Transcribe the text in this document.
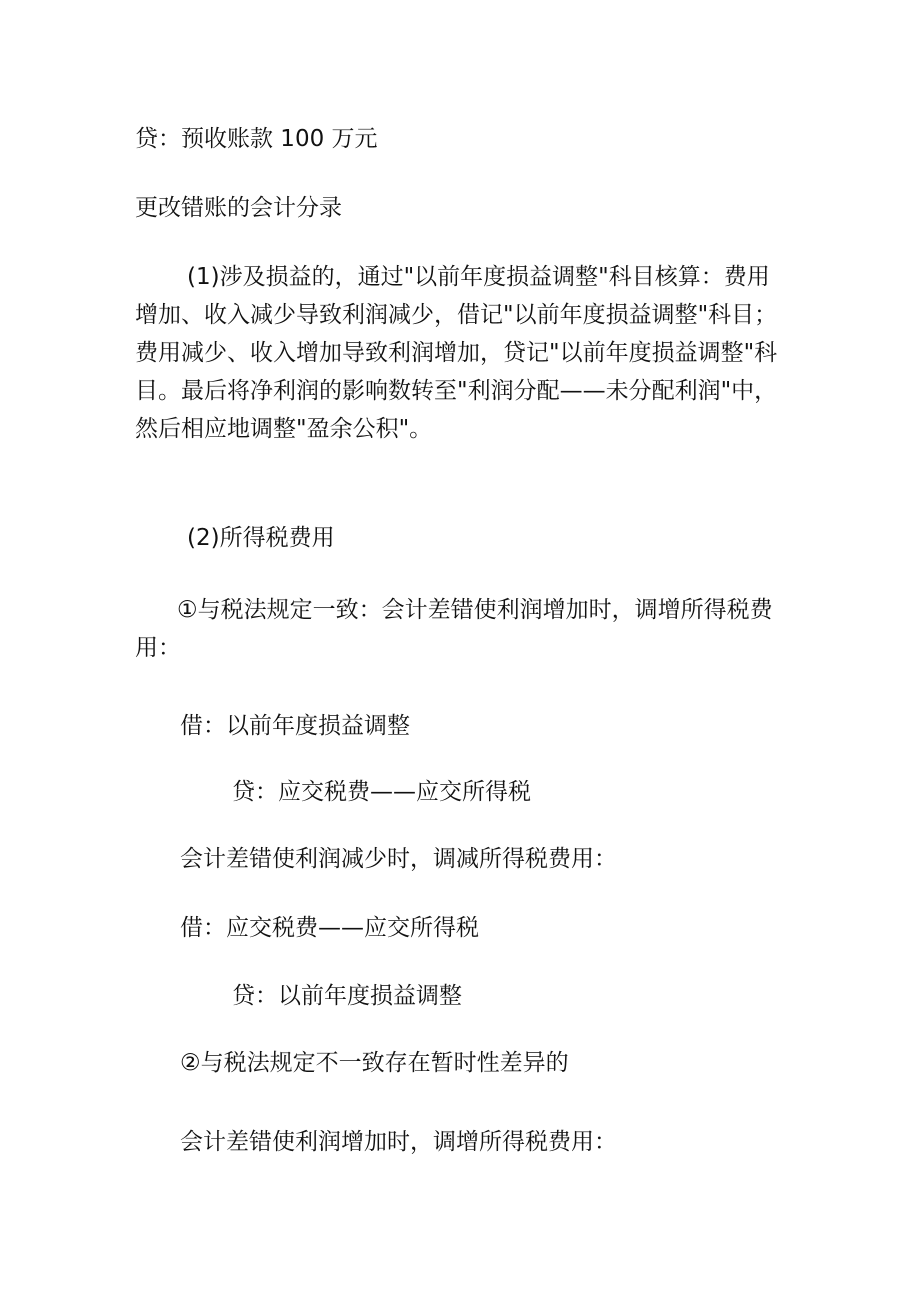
贷：预收账款 100 万元

更改错账的会计分录

(1)涉及损益的，通过"以前年度损益调整"科目核算：费用
增加、收入减少导致利润减少，借记"以前年度损益调整"科目；
费用减少、收入增加导致利润增加，贷记"以前年度损益调整"科
目。最后将净利润的影响数转至"利润分配——未分配利润"中，
然后相应地调整"盈余公积"。

(2)所得税费用

①与税法规定一致：会计差错使利润增加时，调增所得税费
用：

借：以前年度损益调整

贷：应交税费——应交所得税

会计差错使利润减少时，调减所得税费用：

借：应交税费——应交所得税

贷：以前年度损益调整

②与税法规定不一致存在暂时性差异的

会计差错使利润增加时，调增所得税费用：
